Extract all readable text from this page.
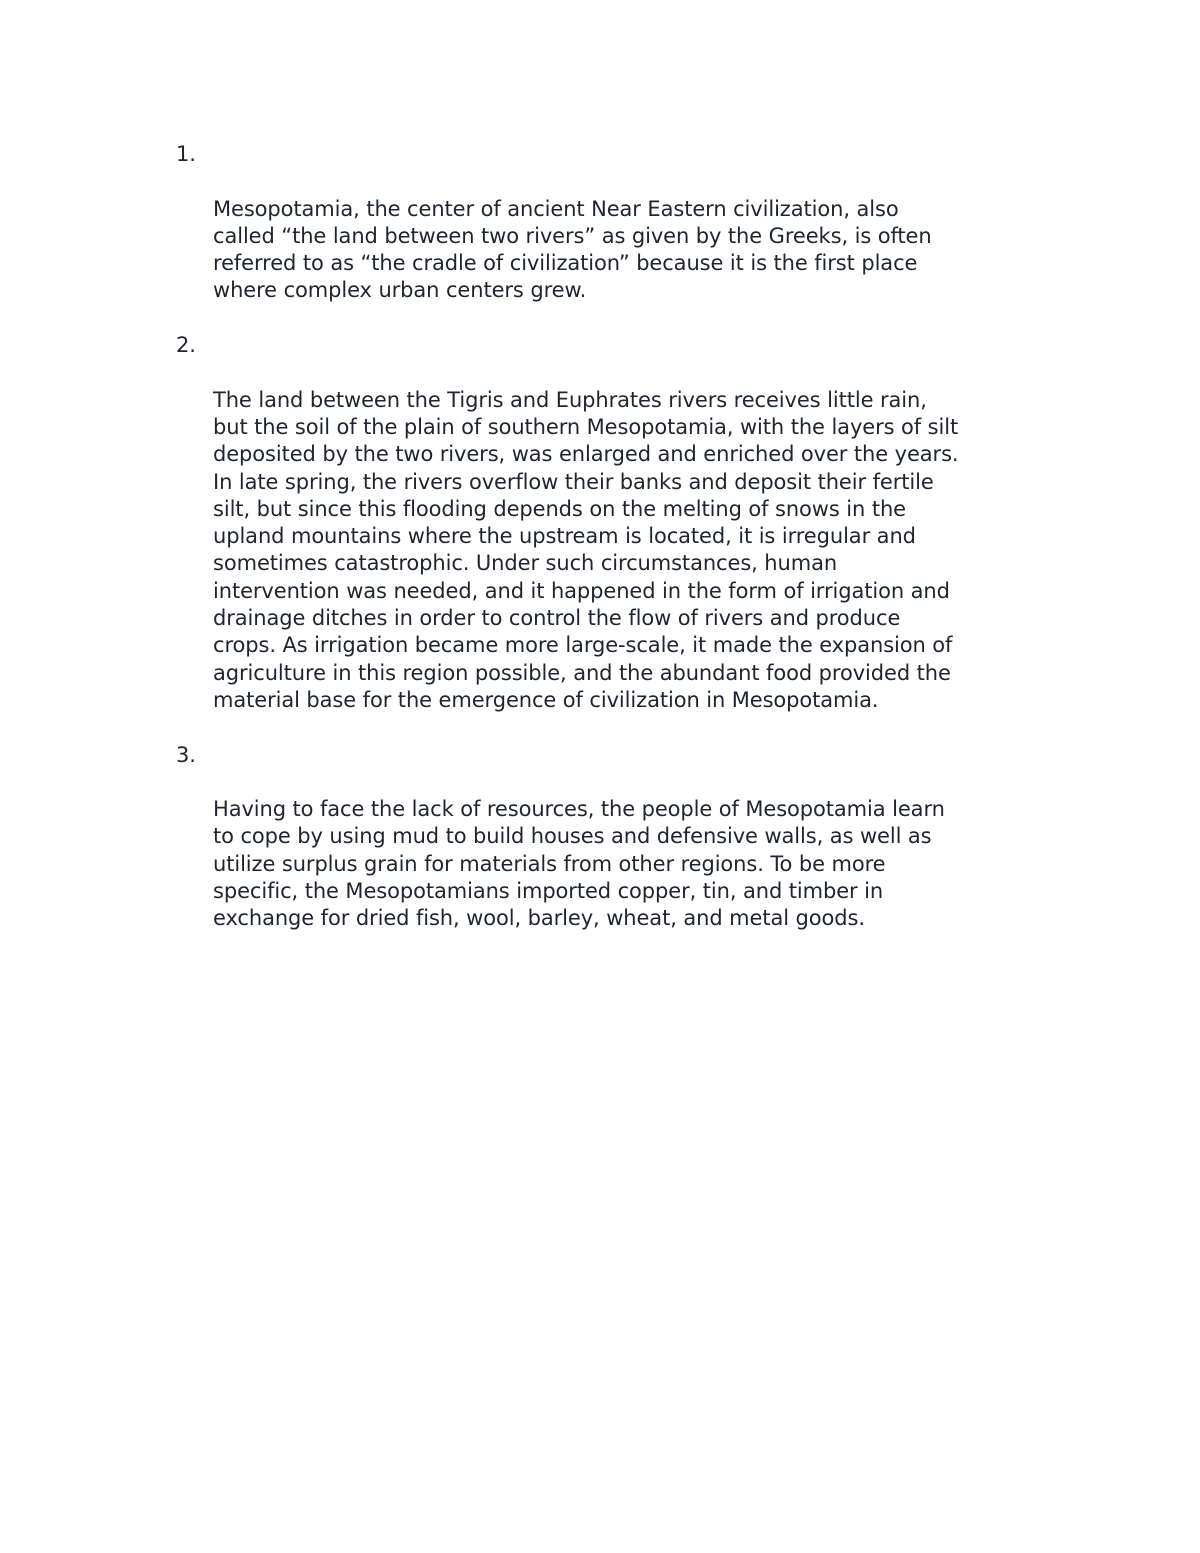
1.

Mesopotamia, the center of ancient Near Eastern civilization, also
called “the land between two rivers” as given by the Greeks, is often
referred to as “the cradle of civilization” because it is the first place
where complex urban centers grew.

2.

The land between the Tigris and Euphrates rivers receives little rain,
but the soil of the plain of southern Mesopotamia, with the layers of silt
deposited by the two rivers, was enlarged and enriched over the years.
In late spring, the rivers overflow their banks and deposit their fertile
silt, but since this flooding depends on the melting of snows in the
upland mountains where the upstream is located, it is irregular and
sometimes catastrophic. Under such circumstances, human
intervention was needed, and it happened in the form of irrigation and
drainage ditches in order to control the flow of rivers and produce
crops. As irrigation became more large-scale, it made the expansion of
agriculture in this region possible, and the abundant food provided the
material base for the emergence of civilization in Mesopotamia.

3.

Having to face the lack of resources, the people of Mesopotamia learn
to cope by using mud to build houses and defensive walls, as well as
utilize surplus grain for materials from other regions. To be more
specific, the Mesopotamians imported copper, tin, and timber in
exchange for dried fish, wool, barley, wheat, and metal goods.
